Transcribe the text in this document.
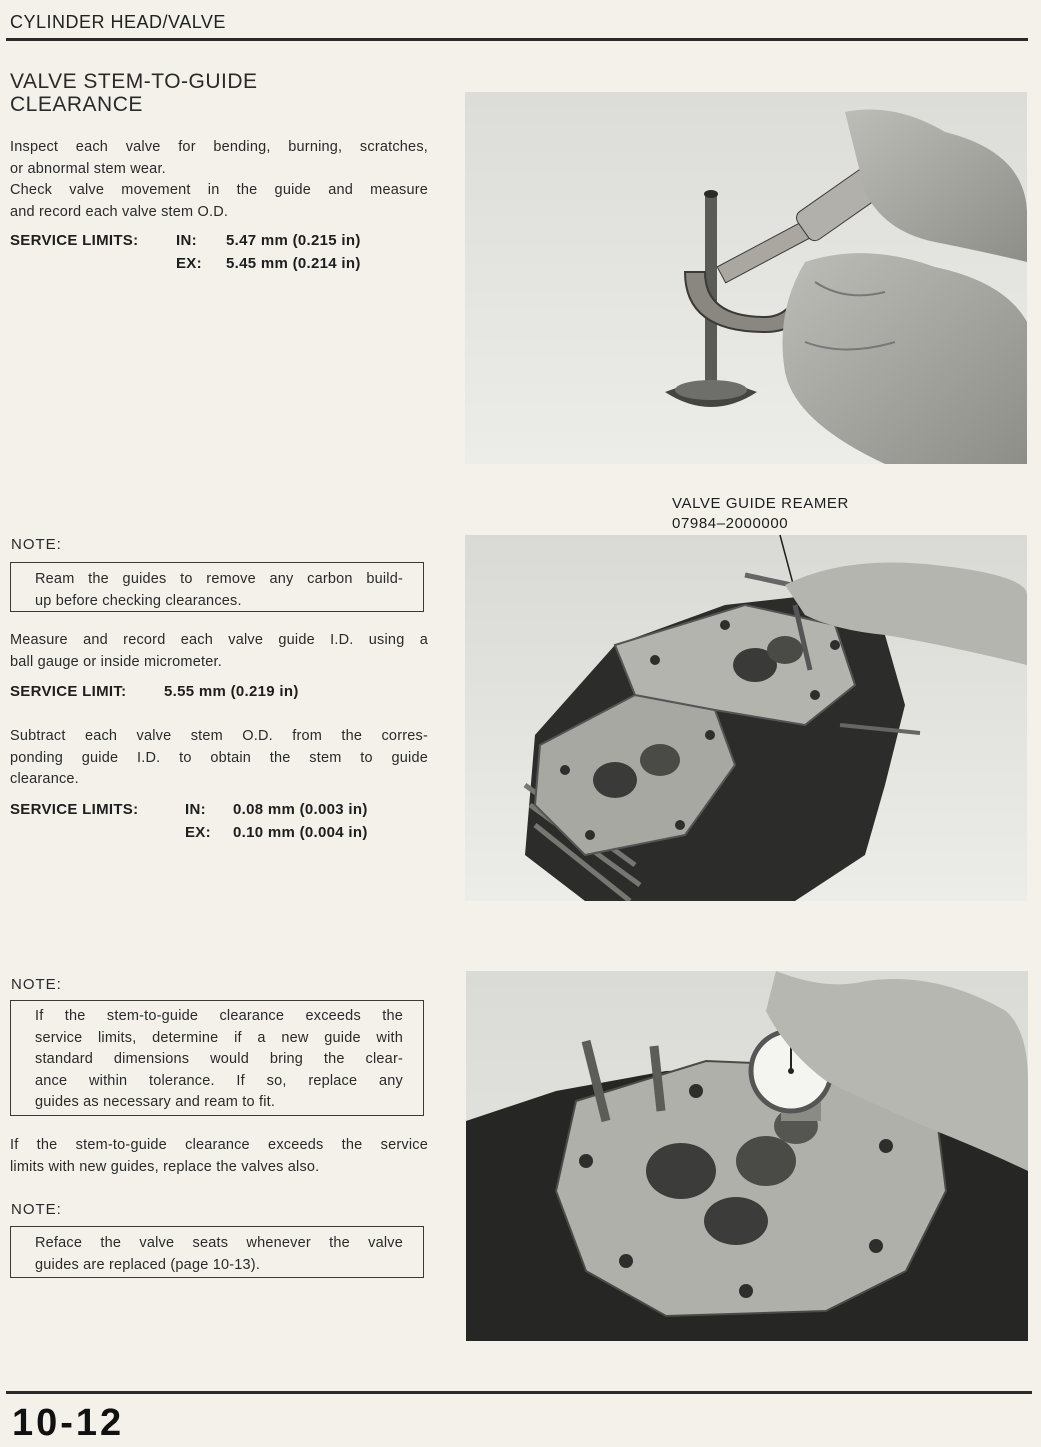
CYLINDER HEAD/VALVE
VALVE STEM-TO-GUIDE
CLEARANCE
Inspect each valve for bending, burning, scratches,
or abnormal stem wear.
Check valve movement in the guide and measure
and record each valve stem O.D.
SERVICE LIMITS:	IN: 5.47 mm (0.215 in)
EX: 5.45 mm (0.214 in)
VALVE GUIDE REAMER
07984–2000000
NOTE:
Ream the guides to remove any carbon build-
up before checking clearances.
Measure and record each valve guide I.D. using a
ball gauge or inside micrometer.
SERVICE LIMIT:	5.55 mm (0.219 in)
Subtract each valve stem O.D. from the corres-
ponding guide I.D. to obtain the stem to guide
clearance.
SERVICE LIMITS:	IN: 0.08 mm (0.003 in)
EX: 0.10 mm (0.004 in)
NOTE:
If the stem-to-guide clearance exceeds the
service limits, determine if a new guide with
standard dimensions would bring the clear-
ance within tolerance. If so, replace any
guides as necessary and ream to fit.
If the stem-to-guide clearance exceeds the service
limits with new guides, replace the valves also.
NOTE:
Reface the valve seats whenever the valve
guides are replaced (page 10-13).
10-12
